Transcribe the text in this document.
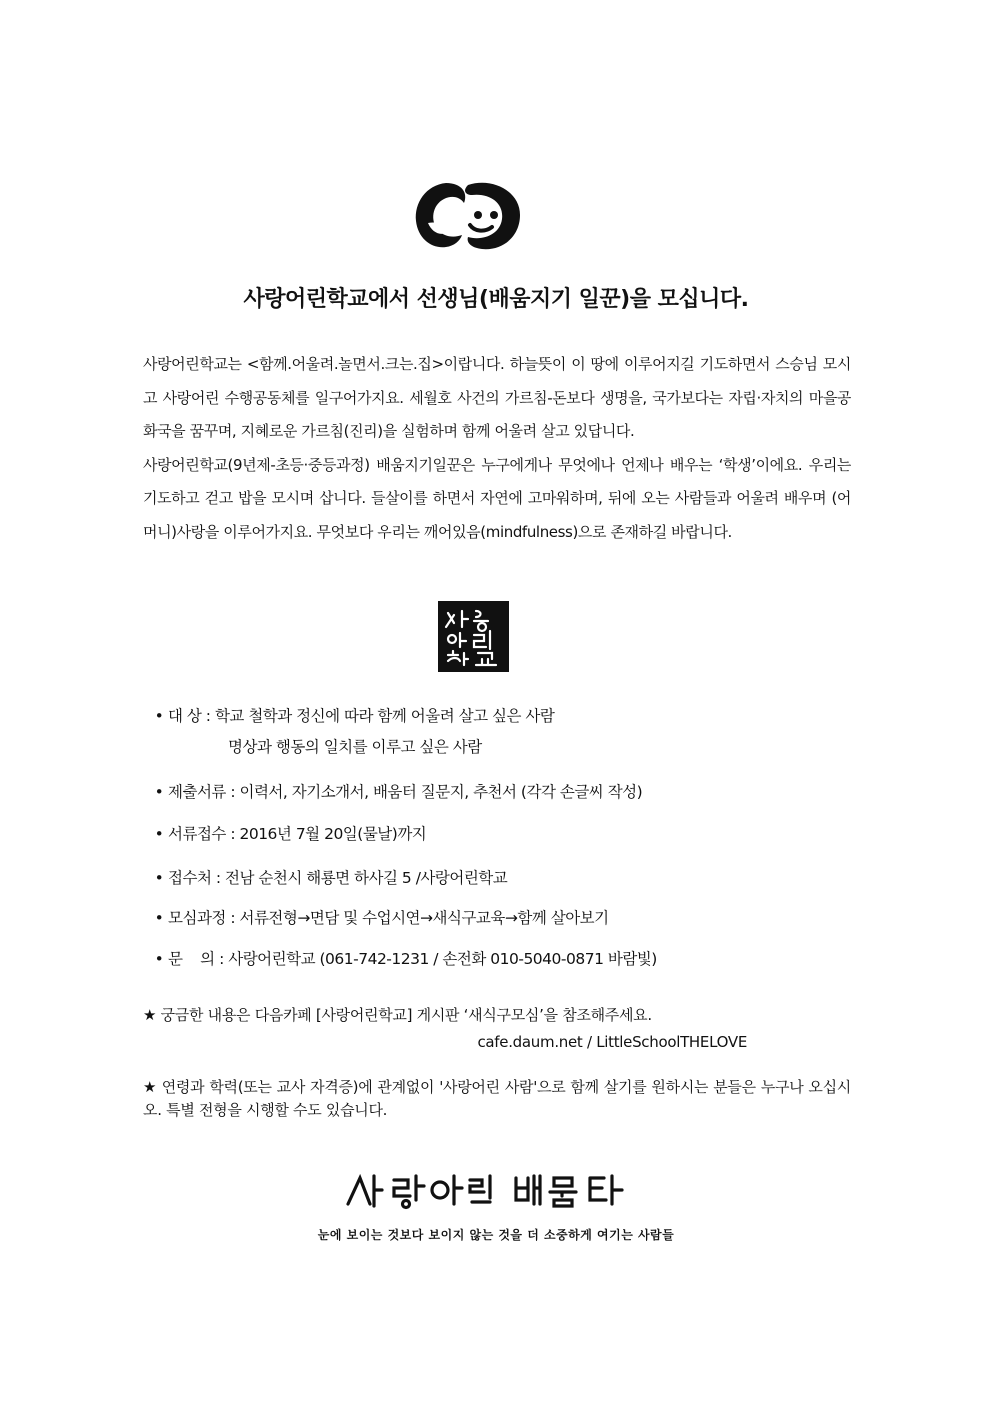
사랑어린학교에서 선생님(배움지기 일꾼)을 모십니다.

사랑어린학교는 <함께.어울려.놀면서.크는.집>이랍니다. 하늘뜻이 이 땅에 이루어지길 기도하면서 스승님 모시고 사랑어린 수행공동체를 일구어가지요. 세월호 사건의 가르침-돈보다 생명을, 국가보다는 자립·자치의 마을공화국을 꿈꾸며, 지혜로운 가르침(진리)을 실험하며 함께 어울려 살고 있답니다.

사랑어린학교(9년제-초등·중등과정) 배움지기일꾼은 누구에게나 무엇에나 언제나 배우는 ‘학생’이에요. 우리는 기도하고 걷고 밥을 모시며 삽니다. 들살이를 하면서 자연에 고마워하며, 뒤에 오는 사람들과 어울려 배우며 (어머니)사랑을 이루어가지요. 무엇보다 우리는 깨어있음(mindfulness)으로 존재하길 바랍니다.

• 대 상 : 학교 철학과 정신에 따라 함께 어울려 살고 싶은 사람
명상과 행동의 일치를 이루고 싶은 사람
• 제출서류 : 이력서, 자기소개서, 배움터 질문지, 추천서 (각각 손글씨 작성)
• 서류접수 : 2016년 7월 20일(물날)까지
• 접수처 : 전남 순천시 해룡면 하사길 5 /사랑어린학교
• 모심과정 : 서류전형→면담 및 수업시연→새식구교육→함께 살아보기
• 문    의 : 사랑어린학교 (061-742-1231 / 손전화 010-5040-0871 바람빛)
★ 궁금한 내용은 다음카페 [사랑어린학교] 게시판 ‘새식구모심’을 참조해주세요.
cafe.daum.net / LittleSchoolTHELOVE
★ 연령과 학력(또는 교사 자격증)에 관계없이 '사랑어린 사람'으로 함께 살기를 원하시는 분들은 누구나 오십시오. 특별 전형을 시행할 수도 있습니다.
눈에 보이는 것보다 보이지 않는 것을 더 소중하게 여기는 사람들
